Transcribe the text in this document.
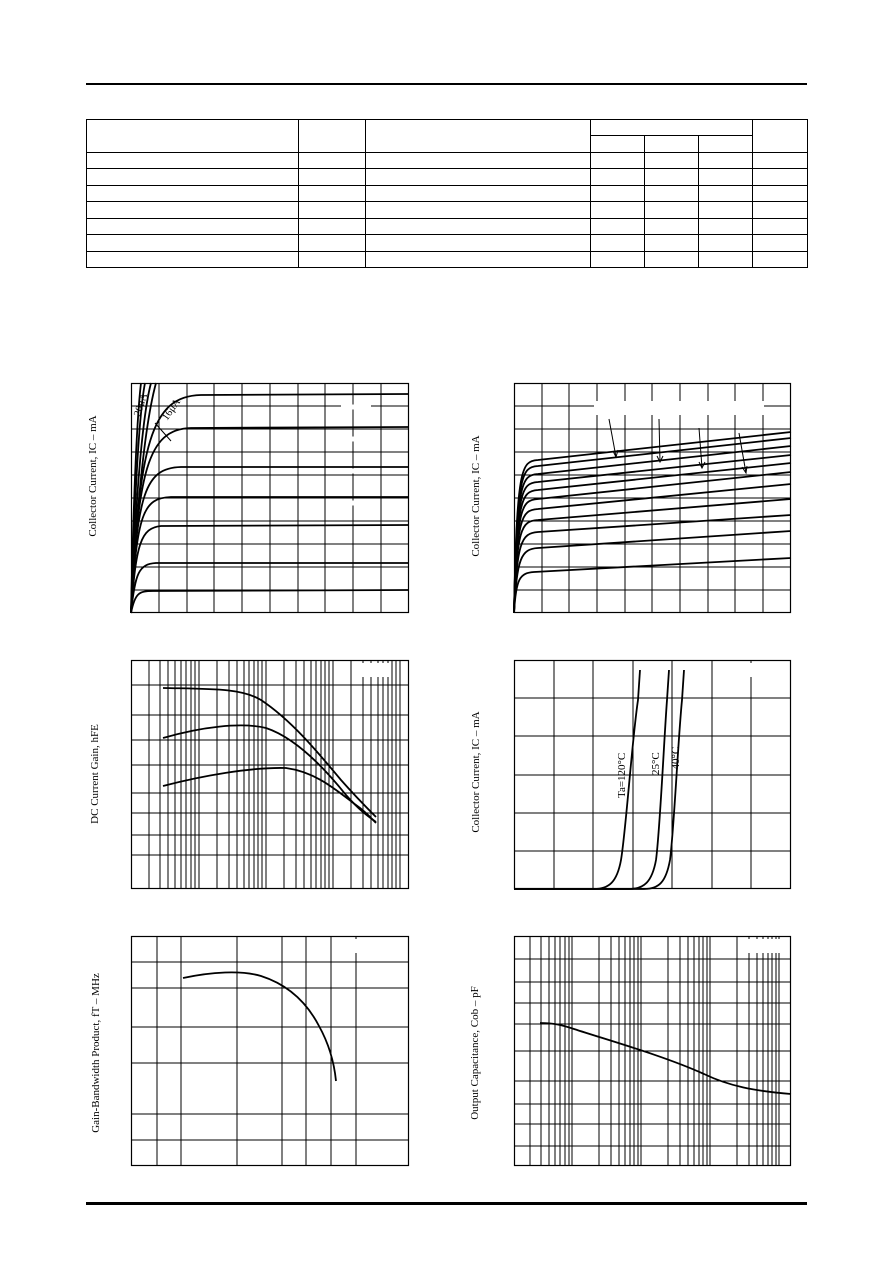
Collector Current, IC – mA
20μA 16μA
Collector Current, IC – mA
DC Current Gain, hFE	Collector Current, IC – mA	Ta=120°C 25°C –40°C
Gain-Bandwidth Product, fT – MHz	Output Capacitance, Cob – pF
